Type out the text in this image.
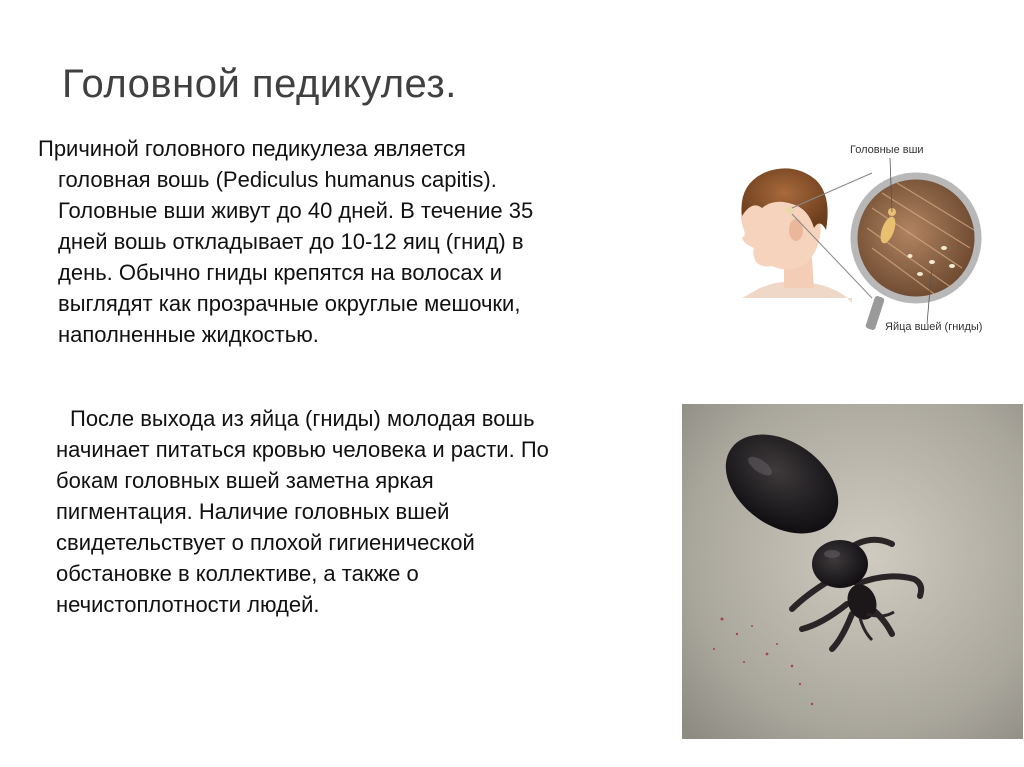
Головной педикулез.

Причиной головного педикулеза является
головная вошь (Pediculus humanus capitis).
Головные вши живут до 40 дней. В течение 35
дней вошь откладывает до 10-12 яиц (гнид) в
день. Обычно гниды крепятся на волосах и
выглядят как прозрачные округлые мешочки,
наполненные жидкостью.

После выхода из яйца (гниды) молодая вошь
начинает питаться кровью человека и расти. По
бокам головных вшей заметна яркая
пигментация. Наличие головных вшей
свидетельствует о плохой гигиенической
обстановке в коллективе, а также о
нечистоплотности людей.

Головные вши
Яйца вшей (гниды)
